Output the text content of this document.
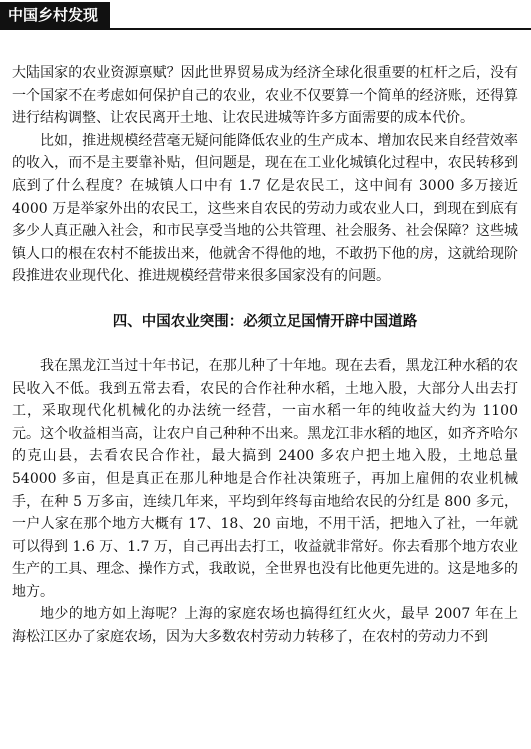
中国乡村发现

大陆国家的农业资源禀赋？因此世界贸易成为经济全球化很重要的杠杆之后，没有一个国家不在考虑如何保护自己的农业，农业不仅要算一个简单的经济账，还得算进行结构调整、让农民离开土地、让农民进城等许多方面需要的成本代价。

比如，推进规模经营毫无疑问能降低农业的生产成本、增加农民来自经营效率的收入，而不是主要靠补贴，但问题是，现在在工业化城镇化过程中，农民转移到底到了什么程度？在城镇人口中有 1.7 亿是农民工，这中间有 3000 多万接近 4000 万是举家外出的农民工，这些来自农民的劳动力或农业人口，到现在到底有多少人真正融入社会，和市民享受当地的公共管理、社会服务、社会保障？这些城镇人口的根在农村不能拔出来，他就舍不得他的地，不敢扔下他的房，这就给现阶段推进农业现代化、推进规模经营带来很多国家没有的问题。

四、中国农业突围：必须立足国情开辟中国道路

我在黑龙江当过十年书记，在那儿种了十年地。现在去看，黑龙江种水稻的农民收入不低。我到五常去看，农民的合作社种水稻，土地入股，大部分人出去打工，采取现代化机械化的办法统一经营，一亩水稻一年的纯收益大约为 1100 元。这个收益相当高，让农户自己种种不出来。黑龙江非水稻的地区，如齐齐哈尔的克山县，去看农民合作社，最大搞到 2400 多农户把土地入股，土地总量 54000 多亩，但是真正在那儿种地是合作社决策班子，再加上雇佣的农业机械手，在种 5 万多亩，连续几年来，平均到年终每亩地给农民的分红是 800 多元，一户人家在那个地方大概有 17、18、20 亩地，不用干活，把地入了社，一年就可以得到 1.6 万、1.7 万，自己再出去打工，收益就非常好。你去看那个地方农业生产的工具、理念、操作方式，我敢说，全世界也没有比他更先进的。这是地多的地方。

地少的地方如上海呢？上海的家庭农场也搞得红红火火，最早 2007 年在上海松江区办了家庭农场，因为大多数农村劳动力转移了，在农村的劳动力不到
